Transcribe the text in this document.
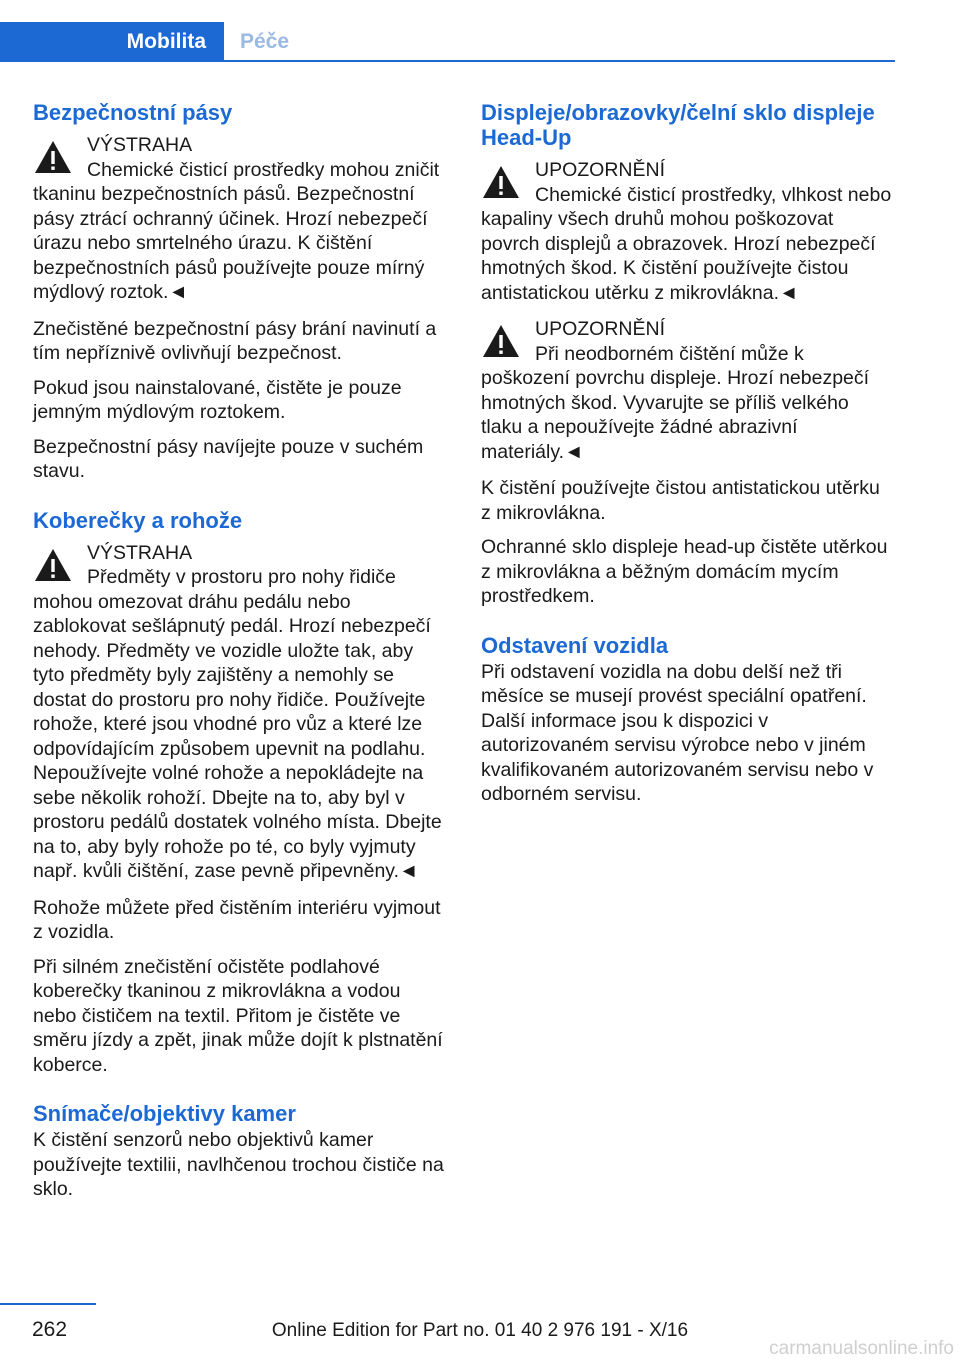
Mobilita	Péče
Bezpečnostní pásy
VÝSTRAHA
Chemické čisticí prostředky mohou zničit tkaninu bezpečnostních pásů. Bezpečnostní pásy ztrácí ochranný účinek. Hrozí nebezpečí úrazu nebo smrtelného úrazu. K čištění bezpečnostních pásů používejte pouze mírný mýdlový roztok.◄

Znečistěné bezpečnostní pásy brání navinutí a tím nepříznivě ovlivňují bezpečnost.

Pokud jsou nainstalované, čistěte je pouze jemným mýdlovým roztokem.

Bezpečnostní pásy navíjejte pouze v suchém stavu.

Koberečky a rohože
VÝSTRAHA
Předměty v prostoru pro nohy řidiče mohou omezovat dráhu pedálu nebo zablokovat sešlápnutý pedál. Hrozí nebezpečí nehody. Předměty ve vozidle uložte tak, aby tyto předměty byly zajištěny a nemohly se dostat do prostoru pro nohy řidiče. Používejte rohože, které jsou vhodné pro vůz a které lze odpovídajícím způsobem upevnit na podlahu. Nepoužívejte volné rohože a nepokládejte na sebe několik rohoží. Dbejte na to, aby byl v prostoru pedálů dostatek volného místa. Dbejte na to, aby byly rohože po té, co byly vyjmuty např. kvůli čištění, zase pevně připevněny.◄

Rohože můžete před čistěním interiéru vyjmout z vozidla.

Při silném znečistění očistěte podlahové koberečky tkaninou z mikrovlákna a vodou nebo čističem na textil. Přitom je čistěte ve směru jízdy a zpět, jinak může dojít k plstnatění koberce.

Snímače/objektivy kamer

K čistění senzorů nebo objektivů kamer používejte textilii, navlhčenou trochou čističe na sklo.

Displeje/obrazovky/čelní sklo displeje Head-Up
UPOZORNĚNÍ
Chemické čisticí prostředky, vlhkost nebo kapaliny všech druhů mohou poškozovat povrch displejů a obrazovek. Hrozí nebezpečí hmotných škod. K čistění používejte čistou antistatickou utěrku z mikrovlákna.◄
UPOZORNĚNÍ
Při neodborném čištění může k poškození povrchu displeje. Hrozí nebezpečí hmotných škod. Vyvarujte se příliš velkého tlaku a nepoužívejte žádné abrazivní materiály.◄

K čistění používejte čistou antistatickou utěrku z mikrovlákna.

Ochranné sklo displeje head-up čistěte utěrkou z mikrovlákna a běžným domácím mycím prostředkem.

Odstavení vozidla

Při odstavení vozidla na dobu delší než tři měsíce se musejí provést speciální opatření. Další informace jsou k dispozici v autorizovaném servisu výrobce nebo v jiném kvalifikovaném autorizovaném servisu nebo v odborném servisu.

262	Online Edition for Part no. 01 40 2 976 191 - X/16
carmanualsonline.info
